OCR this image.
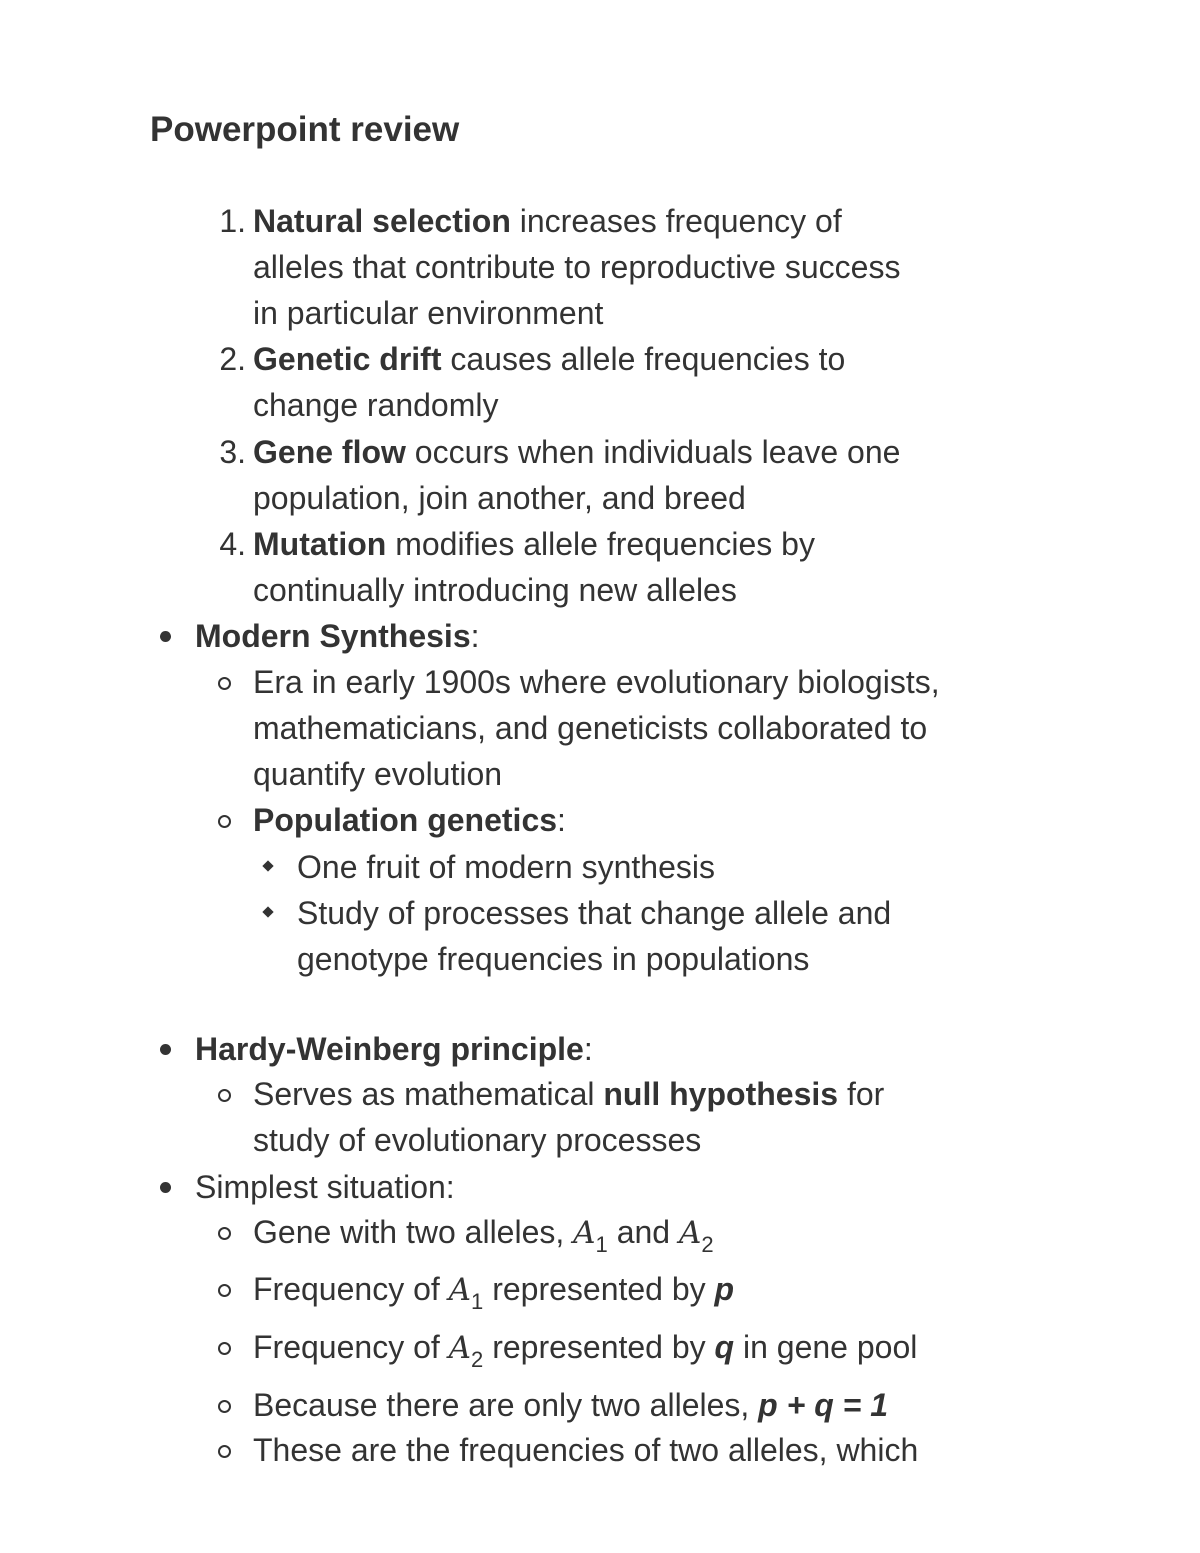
Powerpoint review
1. Natural selection increases frequency of
alleles that contribute to reproductive success
in particular environment
2. Genetic drift causes allele frequencies to
change randomly
3. Gene flow occurs when individuals leave one
population, join another, and breed
4. Mutation modifies allele frequencies by
continually introducing new alleles
Modern Synthesis:
Era in early 1900s where evolutionary biologists,
mathematicians, and geneticists collaborated to
quantify evolution
Population genetics:
One fruit of modern synthesis
Study of processes that change allele and
genotype frequencies in populations
Hardy-Weinberg principle:
Serves as mathematical null hypothesis for
study of evolutionary processes
Simplest situation:
Gene with two alleles, $A_1$ and $A_2$
Frequency of $A_1$ represented by p
Frequency of $A_2$ represented by q in gene pool
Because there are only two alleles, p + q = 1
These are the frequencies of two alleles, which
